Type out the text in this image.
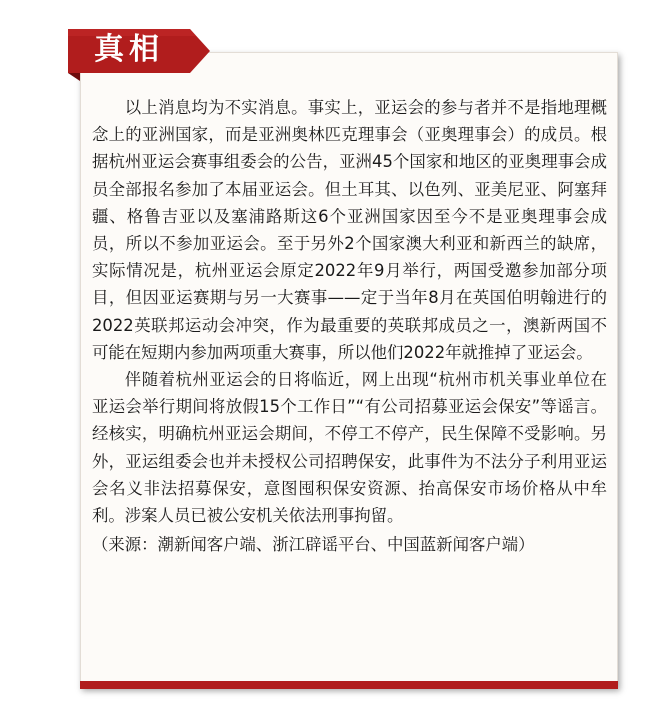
真相

以上消息均为不实消息。事实上，亚运会的参与者并不是指地理概念上的亚洲国家，而是亚洲奥林匹克理事会（亚奥理事会）的成员。根据杭州亚运会赛事组委会的公告，亚洲45个国家和地区的亚奥理事会成员全部报名参加了本届亚运会。但土耳其、以色列、亚美尼亚、阿塞拜疆、格鲁吉亚以及塞浦路斯这6个亚洲国家因至今不是亚奥理事会成员，所以不参加亚运会。至于另外2个国家澳大利亚和新西兰的缺席，实际情况是，杭州亚运会原定2022年9月举行，两国受邀参加部分项目，但因亚运赛期与另一大赛事——定于当年8月在英国伯明翰进行的2022英联邦运动会冲突，作为最重要的英联邦成员之一，澳新两国不可能在短期内参加两项重大赛事，所以他们2022年就推掉了亚运会。

伴随着杭州亚运会的日将临近，网上出现“杭州市机关事业单位在亚运会举行期间将放假15个工作日”“有公司招募亚运会保安”等谣言。经核实，明确杭州亚运会期间，不停工不停产，民生保障不受影响。另外，亚运组委会也并未授权公司招聘保安，此事件为不法分子利用亚运会名义非法招募保安，意图囤积保安资源、抬高保安市场价格从中牟利。涉案人员已被公安机关依法刑事拘留。

（来源：潮新闻客户端、浙江辟谣平台、中国蓝新闻客户端）
